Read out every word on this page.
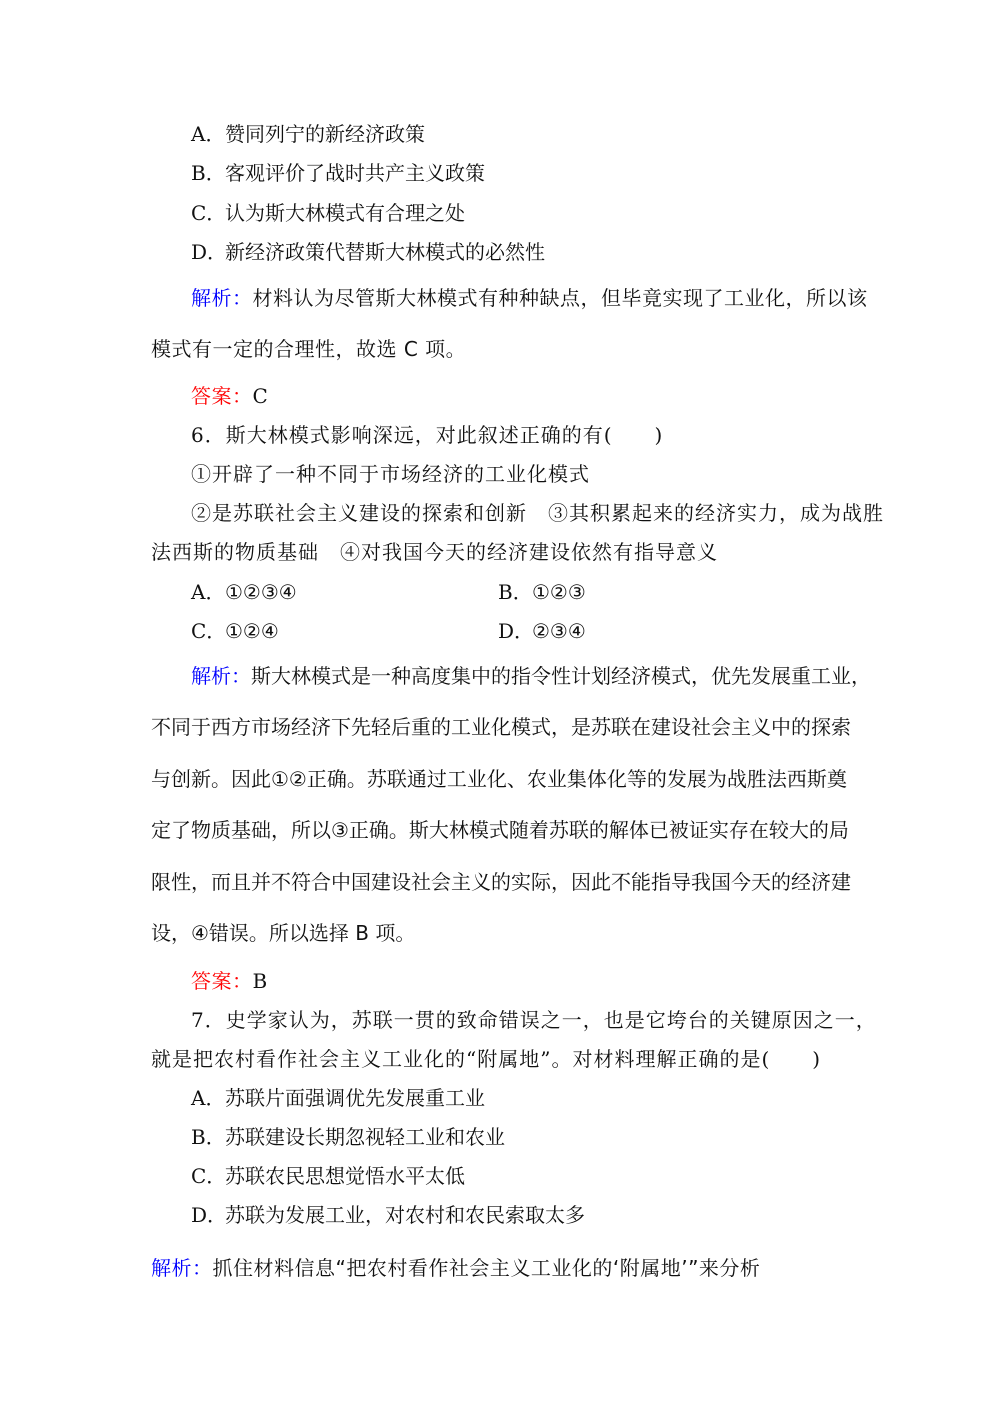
A．赞同列宁的新经济政策
B．客观评价了战时共产主义政策
C．认为斯大林模式有合理之处
D．新经济政策代替斯大林模式的必然性
解析：材料认为尽管斯大林模式有种种缺点，但毕竟实现了工业化，所以该
模式有一定的合理性，故选 C 项。
答案：C
6．斯大林模式影响深远，对此叙述正确的有(　　)
①开辟了一种不同于市场经济的工业化模式
②是苏联社会主义建设的探索和创新　③其积累起来的经济实力，成为战胜
法西斯的物质基础　④对我国今天的经济建设依然有指导意义
A．①②③④	B．①②③
C．①②④	D．②③④
解析：斯大林模式是一种高度集中的指令性计划经济模式，优先发展重工业，
不同于西方市场经济下先轻后重的工业化模式，是苏联在建设社会主义中的探索
与创新。因此①②正确。苏联通过工业化、农业集体化等的发展为战胜法西斯奠
定了物质基础，所以③正确。斯大林模式随着苏联的解体已被证实存在较大的局
限性，而且并不符合中国建设社会主义的实际，因此不能指导我国今天的经济建
设，④错误。所以选择 B 项。
答案：B
7．史学家认为，苏联一贯的致命错误之一，也是它垮台的关键原因之一，
就是把农村看作社会主义工业化的“附属地”。对材料理解正确的是(　　)
A．苏联片面强调优先发展重工业
B．苏联建设长期忽视轻工业和农业
C．苏联农民思想觉悟水平太低
D．苏联为发展工业，对农村和农民索取太多
解析：抓住材料信息“把农村看作社会主义工业化的‘附属地’”来分析
